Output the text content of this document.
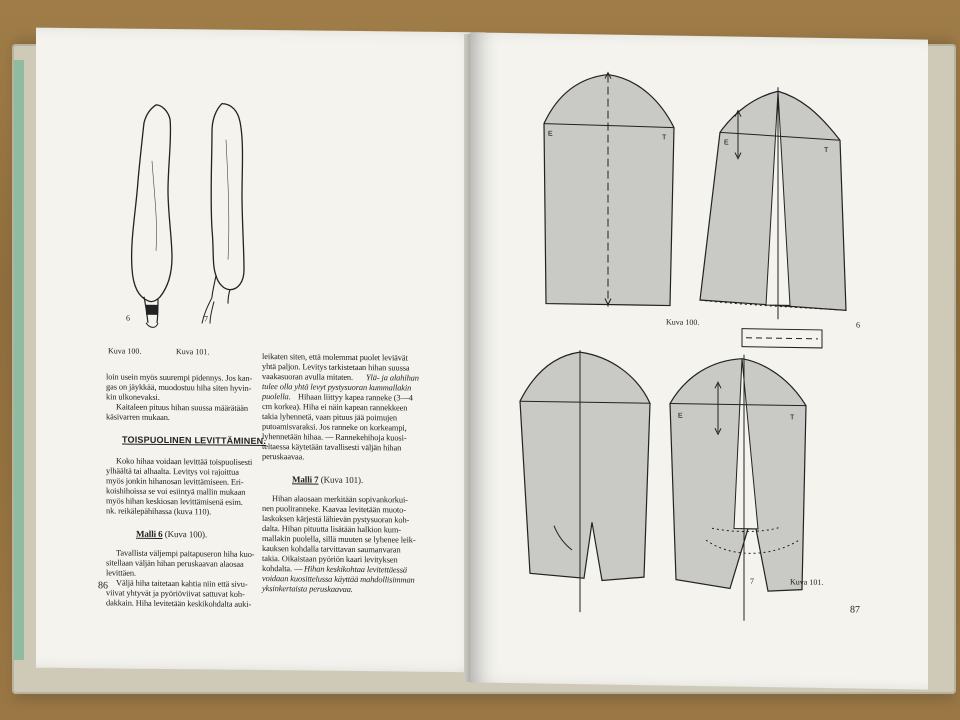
6	7
Kuva 100.	Kuva 101.
loin usein myös suurempi pidennys. Jos kan-
gas on jäykkää, muodostuu hiha siten hyvin-
kin ulkonevaksi.
Kaitaleen pituus hihan suussa määrätään
käsivarren mukaan.
TOISPUOLINEN LEVITTÄMINEN.
Koko hihaa voidaan levittää toispuolisesti
ylhäältä tai alhaalta. Levitys voi rajoittua
myös jonkin hihanosan levittämiseen. Eri-
koishihoissa se voi esiintyä mallin mukaan
myös hihan keskiosan levittämisenä esim.
nk. reikälepähihassa (kuva 110).
Malli 6 (Kuva 100).
Tavallista väljempi paitapuseron hiha kuo-
sitellaan väljän hihan peruskaavan alaosaa
levittäen.
Väljä hiha taitetaan kahtia niin että sivu-
viivat yhtyvät ja pyöriöviivat sattuvat koh-
dakkain. Hiha levitetään keskikohdalta auki-
leikaten siten, että molemmat puolet leviävät
yhtä paljon. Levitys tarkistetaan hihan suussa
vaakasuoran avulla mitaten. Ylä- ja alahihan
tulee olla yhtä levyt pystysuoran kummallakin
puolella. Hihaan liittyy kapea ranneke (3—4
cm korkea). Hiha ei näin kapean rannekkeen
takia lyhennetä, vaan pituus jää poimujen
putoamisvaraksi. Jos ranneke on korkeampi,
lyhennetään hihaa. — Rannekehihoja kuosi-
teltaessa käytetään tavallisesti väljän hihan
peruskaavaa.
Malli 7 (Kuva 101).
Hihan alaosaan merkitään sopivankorkui-
nen puoliranneke. Kaavaa levitetään muoto-
laskoksen kärjestä lähievän pystysuoran koh-
dalta. Hihan pituutta lisätään halkion kum-
mallakin puolella, sillä muuten se lyhenee leik-
kauksen kohdalla tarvittavan saumanvaran
takia. Oikaistaan pyöriön kaari levityksen
kohdalta. — Hihan keskikohtaa levitettäessä
voidaan kuosittelussa käyttää mahdollisimman
yksinkertaista peruskaavaa.
86
E
T
E
T
Kuva 100.	6
E	T
7	Kuva 101.
87
